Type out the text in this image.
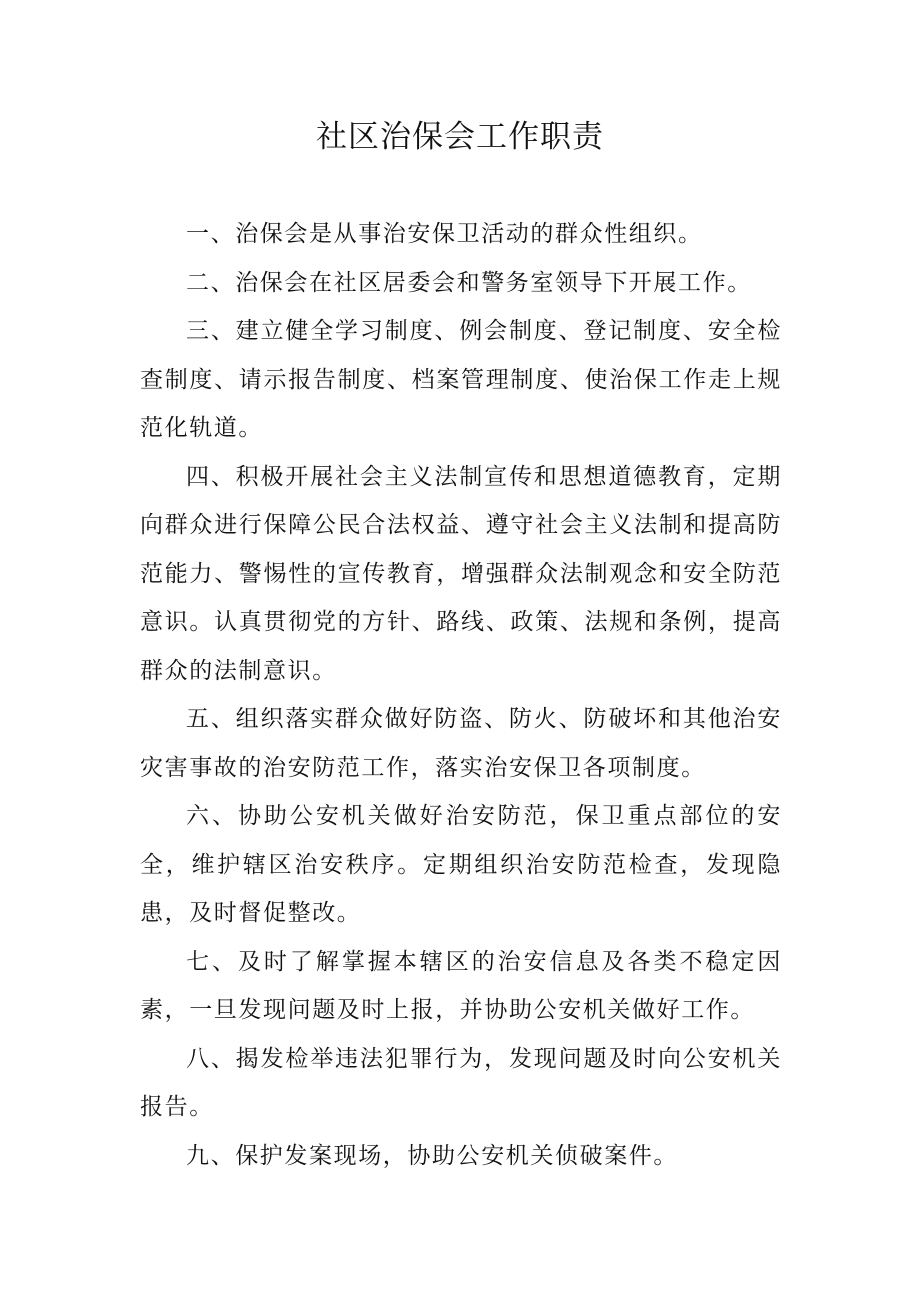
社区治保会工作职责

一、治保会是从事治安保卫活动的群众性组织。

二、治保会在社区居委会和警务室领导下开展工作。

三、建立健全学习制度、例会制度、登记制度、安全检查制度、请示报告制度、档案管理制度、使治保工作走上规范化轨道。

四、积极开展社会主义法制宣传和思想道德教育，定期向群众进行保障公民合法权益、遵守社会主义法制和提高防范能力、警惕性的宣传教育，增强群众法制观念和安全防范意识。认真贯彻党的方针、路线、政策、法规和条例，提高群众的法制意识。

五、组织落实群众做好防盗、防火、防破坏和其他治安灾害事故的治安防范工作，落实治安保卫各项制度。

六、协助公安机关做好治安防范，保卫重点部位的安全，维护辖区治安秩序。定期组织治安防范检查，发现隐患，及时督促整改。

七、及时了解掌握本辖区的治安信息及各类不稳定因素，一旦发现问题及时上报，并协助公安机关做好工作。

八、揭发检举违法犯罪行为，发现问题及时向公安机关报告。

九、保护发案现场，协助公安机关侦破案件。
